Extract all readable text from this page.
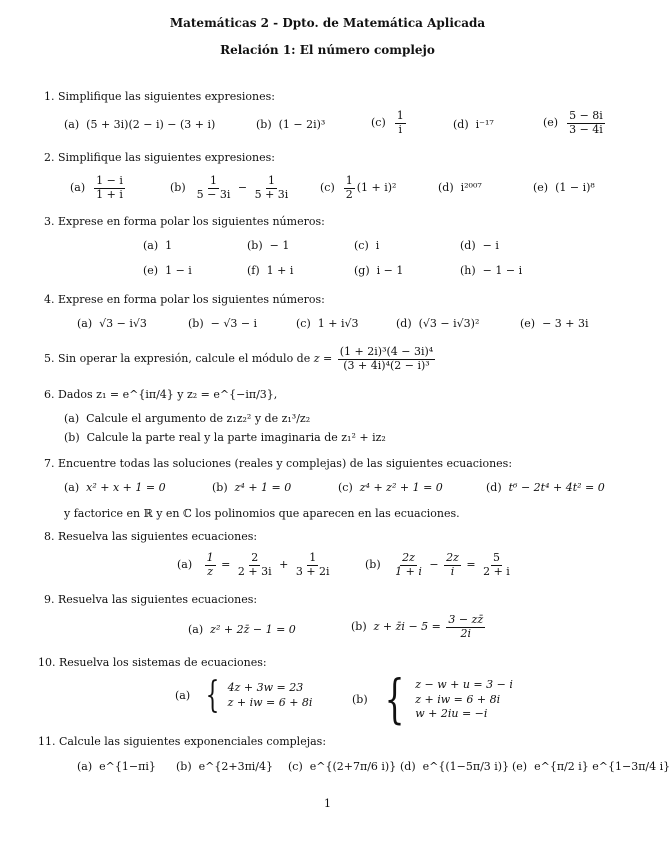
Matemáticas 2 - Dpto. de Matemática Aplicada
Relación 1: El número complejo
1. Simplifique las siguientes expresiones:
(a) (5 + 3i)(2 − i) − (3 + i)	(b) (1 − 2i)³	$(c) \frac{1}{i}$	(d) i⁻¹⁷	$(e) \frac{5 - 8i}{3 - 4i}$
2. Simplifique las siguientes expresiones:
$(a) \frac{1 - i}{1 + i}$	$(b) \frac{1}{5 - 3i} - \frac{1}{5 + 3i}$	$(c) \frac{1}{2} (1 + i)^2$	(d) i²⁰⁰⁷	(e) (1 − i)⁸
3. Exprese en forma polar los siguientes números:
(a) 1	(b) − 1	(c) i	(d) − i
(e) 1 − i	(f) 1 + i	(g) i − 1	(h) − 1 − i
4. Exprese en forma polar los siguientes números:
(a) √3 − i√3	(b) − √3 − i	(c) 1 + i√3	(d) (√3 − i√3)²	(e) − 3 + 3i
5. Sin operar la expresión, calcule el módulo de $z = \frac{\text{(1 + 2i)³(4 − 3i)⁴}}{\text{(3 + 4i)⁴(2 − i)³}}$
6. Dados z₁ = e^{iπ/4} y z₂ = e^{−iπ/3},
(a) Calcule el argumento de z₁z₂² y de z₁³/z₂
(b) Calcule la parte real y la parte imaginaria de z₁² + iz₂
7. Encuentre todas las soluciones (reales y complejas) de las siguientes ecuaciones:
(a) x² + x + 1 = 0	(b) z⁴ + 1 = 0	(c) z⁴ + z² + 1 = 0	(d) t⁶ − 2t⁴ + 4t² = 0
y factorice en ℝ y en ℂ los polinomios que aparecen en las ecuaciones.
8. Resuelva las siguientes ecuaciones:
$(a) \frac{1}{z} = \frac{2}{2 + 3i} + \frac{1}{3 + 2i}$	$(b) \frac{2z}{1 + i} - \frac{2z}{i} = \frac{5}{2 + i}$
9. Resuelva las siguientes ecuaciones:
(a) z² + 2z̄ − 1 = 0	(b) z + z̄i − $5 = \frac{3 - zz̄}{2i}$
10. Resuelva los sistemas de ecuaciones:
(a) { 4z + 3w = 23
z + iw = 6 + 8i	(b) { z − w + u = 3 − i
z + iw = 6 + 8i
w + 2iu = −i
11. Calcule las siguientes exponenciales complejas:
(a) e^{1−πi} (b) e^{2+3πi/4} (c) e^{(2+7π/6 i)} (d) e^{(1−5π/3 i)} (e) e^{π/2 i} e^{1−3π/4 i}
1
